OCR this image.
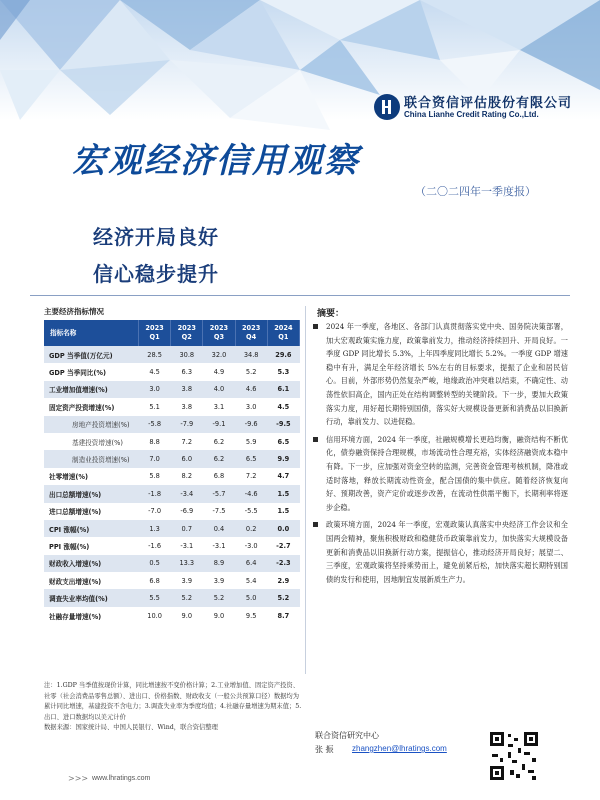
联合资信评估股份有限公司
China Lianhe Credit Rating Co.,Ltd.
宏观经济信用观察
（二〇二四年一季度报）
经济开局良好
信心稳步提升
主要经济指标情况
指标名称	2023 Q1	2023 Q2	2023 Q3	2023 Q4	2024 Q1
GDP 当季值(万亿元)	28.5	30.8	32.0	34.8	29.6
GDP 当季同比(%)	4.5	6.3	4.9	5.2	5.3
工业增加值增速(%)	3.0	3.8	4.0	4.6	6.1
固定资产投资增速(%)	5.1	3.8	3.1	3.0	4.5
房地产投资增速(%)	-5.8	-7.9	-9.1	-9.6	-9.5
基建投资增速(%)	8.8	7.2	6.2	5.9	6.5
制造业投资增速(%)	7.0	6.0	6.2	6.5	9.9
社零增速(%)	5.8	8.2	6.8	7.2	4.7
出口总额增速(%)	-1.8	-3.4	-5.7	-4.6	1.5
进口总额增速(%)	-7.0	-6.9	-7.5	-5.5	1.5
CPI 涨幅(%)	1.3	0.7	0.4	0.2	0.0
PPI 涨幅(%)	-1.6	-3.1	-3.1	-3.0	-2.7
财政收入增速(%)	0.5	13.3	8.9	6.4	-2.3
财政支出增速(%)	6.8	3.9	3.9	5.4	2.9
调查失业率均值(%)	5.5	5.2	5.2	5.0	5.2
社融存量增速(%)	10.0	9.0	9.0	9.5	8.7
注：1.GDP 当季值按现价计算，同比增速按不变价格计算；2.工业增加值、固定资产投资、社零（社会消费品零售总额）、进出口、价格指数、财政收支（一般公共预算口径）数据均为累计同比增速，基建投资不含电力；3.调查失业率为季度均值；4.社融存量增速为期末值；5.出口、进口数据均以美元计价
数据来源：国家统计局、中国人民银行、Wind，联合资信整理
摘要：
2024 年一季度，各地区、各部门认真贯彻落实党中央、国务院决策部署，加大宏观政策实施力度，政策靠前发力，推动经济持续回升、开局良好。一季度 GDP 同比增长 5.3%，上年四季度同比增长 5.2%。一季度 GDP 增速稳中有升，满足全年经济增长 5%左右的目标要求，提振了企业和居民信心。目前，外部形势仍然复杂严峻，地缘政治冲突难以结束，不确定性、动荡性依旧高企，国内正处在结构调整转型的关键阶段。下一步，要加大政策落实力度，用好超长期特别国债，落实好大规模设备更新和消费品以旧换新行动，靠前发力、以进促稳。
信用环境方面，2024 年一季度，社融规模增长更趋均衡，融资结构不断优化，债券融资保持合理规模，市场流动性合理充裕，实体经济融资成本稳中有降。下一步，应加强对资金空转的监测，完善资金管理考核机制，降准或适时落地，释放长期流动性资金，配合国债的集中供应。随着经济恢复向好、预期改善，资产定价或逐步改善，在流动性供需平衡下，长期利率将逐步企稳。
政策环境方面，2024 年一季度，宏观政策认真落实中央经济工作会议和全国两会精神，聚焦积极财政和稳健货币政策靠前发力，加快落实大规模设备更新和消费品以旧换新行动方案，提振信心，推动经济开局良好；展望二、三季度，宏观政策将坚持乘势而上，避免前紧后松，加快落实超长期特别国债的发行和使用，因地制宜发展新质生产力。
联合资信研究中心
张 振 zhangzhen@lhratings.com
>>> www.lhratings.com
